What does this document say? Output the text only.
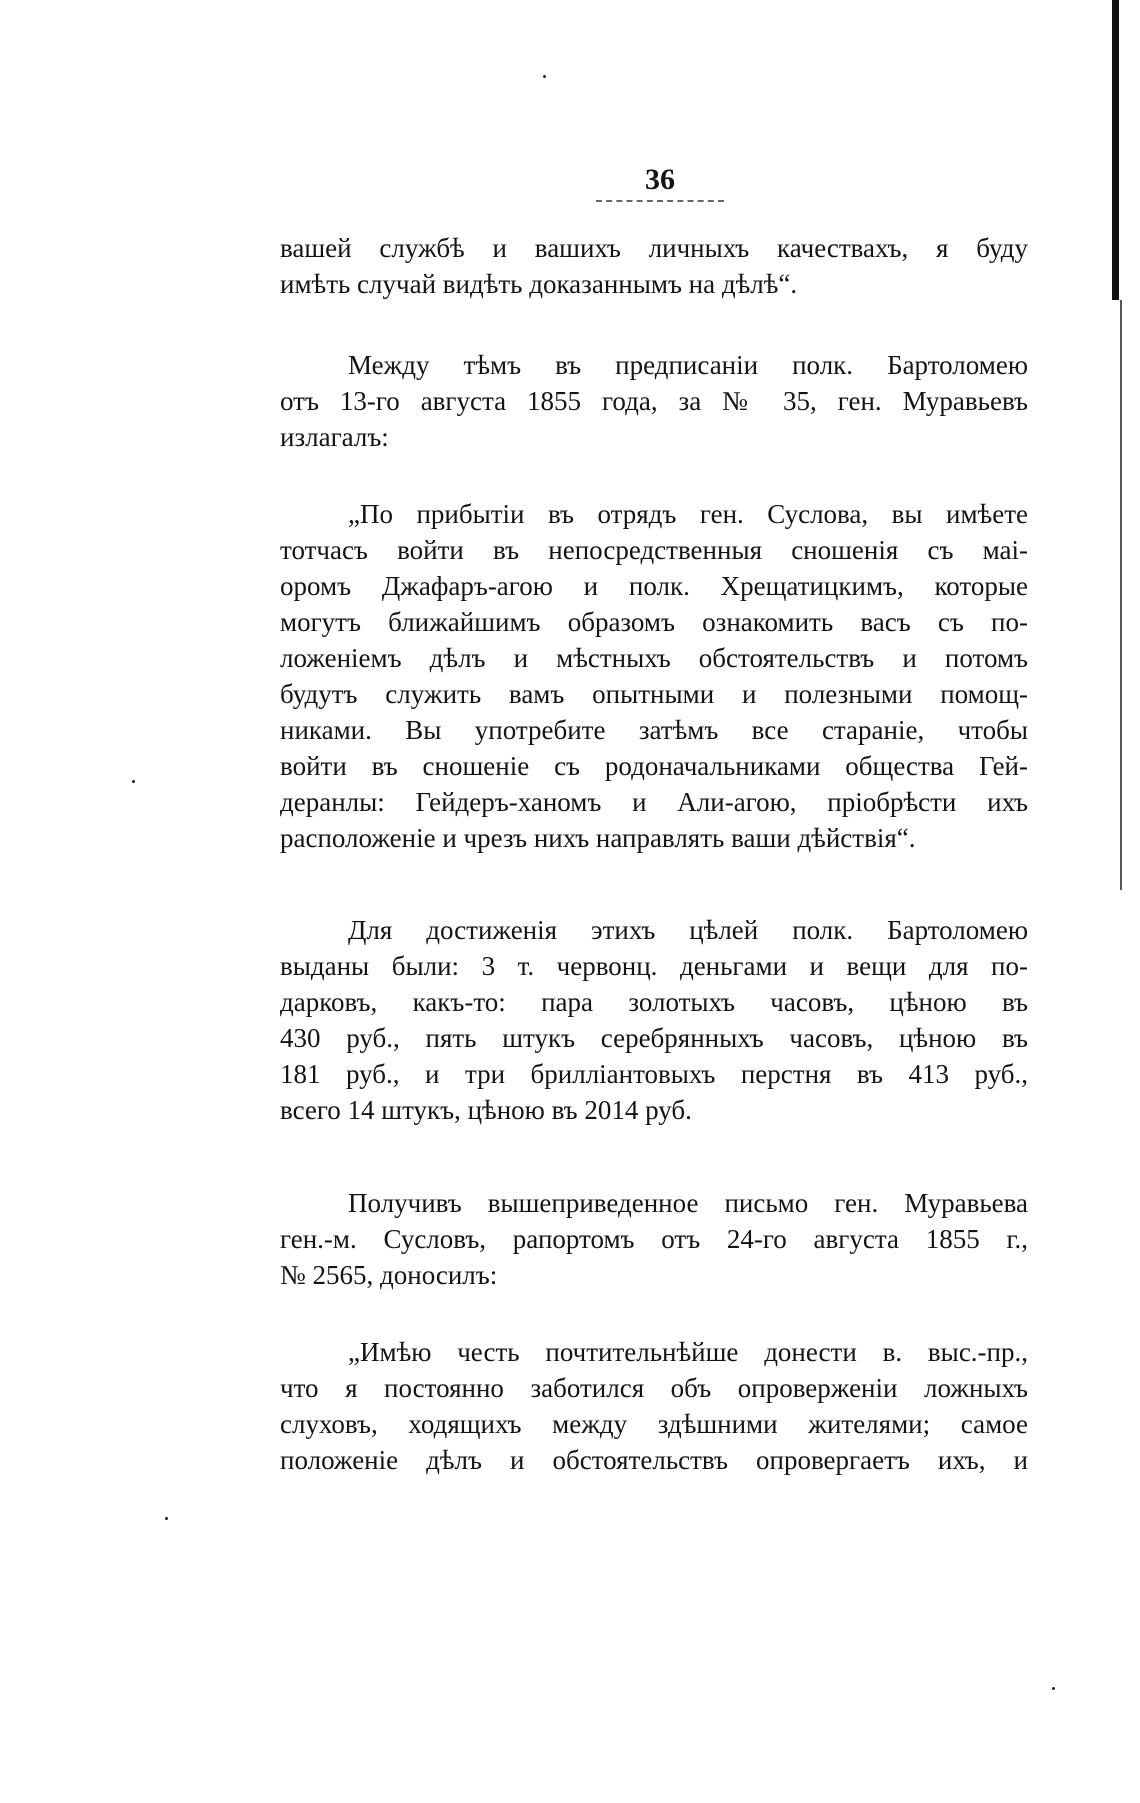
36
вашей службѣ и вашихъ личныхъ качествахъ, я буду
имѣть случай видѣть доказаннымъ на дѣлѣ“.
Между тѣмъ въ предписаніи полк. Бартоломею
отъ 13-го августа 1855 года, за № 35, ген. Муравьевъ
излагалъ:
„По прибытіи въ отрядъ ген. Суслова, вы имѣете
тотчасъ войти въ непосредственныя сношенія съ маі-
оромъ Джафаръ-агою и полк. Хрещатицкимъ, которые
могутъ ближайшимъ образомъ ознакомить васъ съ по-
ложеніемъ дѣлъ и мѣстныхъ обстоятельствъ и потомъ
будутъ служить вамъ опытными и полезными помощ-
никами. Вы употребите затѣмъ все стараніе, чтобы
войти въ сношеніе съ родоначальниками общества Гей-
деранлы: Гейдеръ-ханомъ и Али-агою, пріобрѣсти ихъ
расположеніе и чрезъ нихъ направлять ваши дѣйствія“.
Для достиженія этихъ цѣлей полк. Бартоломею
выданы были: 3 т. червонц. деньгами и вещи для по-
дарковъ, какъ-то: пара золотыхъ часовъ, цѣною въ
430 руб., пять штукъ серебрянныхъ часовъ, цѣною въ
181 руб., и три брилліантовыхъ перстня въ 413 руб.,
всего 14 штукъ, цѣною въ 2014 руб.
Получивъ вышеприведенное письмо ген. Муравьева
ген.-м. Сусловъ, рапортомъ отъ 24-го августа 1855 г.,
№ 2565, доносилъ:
„Имѣю честь почтительнѣйше донести в. выс.-пр.,
что я постоянно заботился объ опроверженіи ложныхъ
слуховъ, ходящихъ между здѣшними жителями; самое
положеніе дѣлъ и обстоятельствъ опровергаетъ ихъ, и
